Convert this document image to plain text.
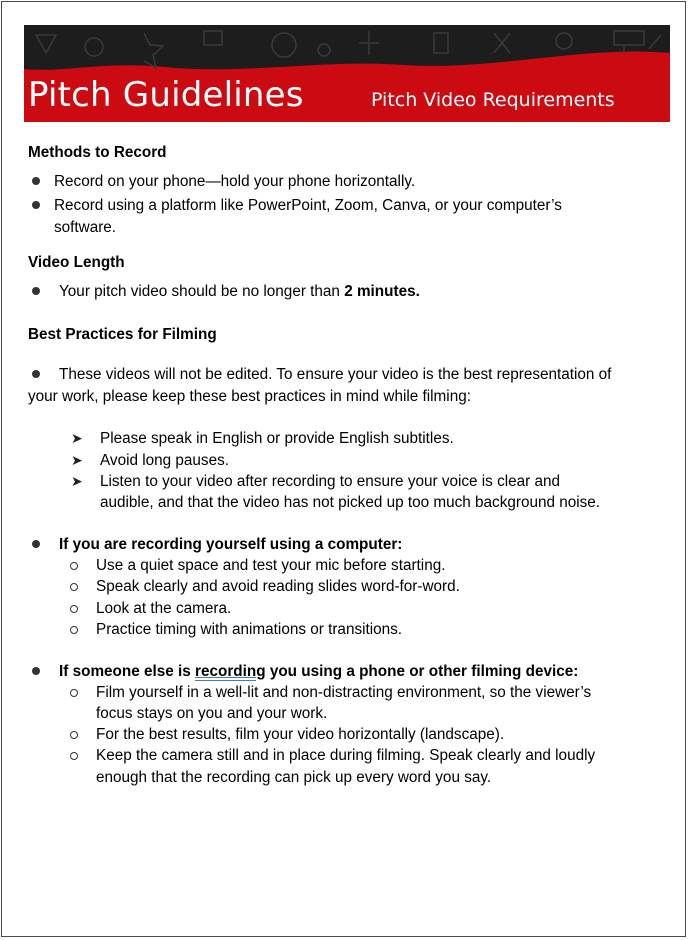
Pitch Guidelines	Pitch Video Requirements
Methods to Record
Record on your phone—hold your phone horizontally.
Record using a platform like PowerPoint, Zoom, Canva, or your computer’s
software.
Video Length
Your pitch video should be no longer than 2 minutes.
Best Practices for Filming
These videos will not be edited. To ensure your video is the best representation of
your work, please keep these best practices in mind while filming:
➤ Please speak in English or provide English subtitles.
➤ Avoid long pauses.
➤ Listen to your video after recording to ensure your voice is clear and
audible, and that the video has not picked up too much background noise.
If you are recording yourself using a computer:
Use a quiet space and test your mic before starting.
Speak clearly and avoid reading slides word-for-word.
Look at the camera.
Practice timing with animations or transitions.
If someone else is recording you using a phone or other filming device:
Film yourself in a well-lit and non-distracting environment, so the viewer’s
focus stays on you and your work.
For the best results, film your video horizontally (landscape).
Keep the camera still and in place during filming. Speak clearly and loudly
enough that the recording can pick up every word you say.
